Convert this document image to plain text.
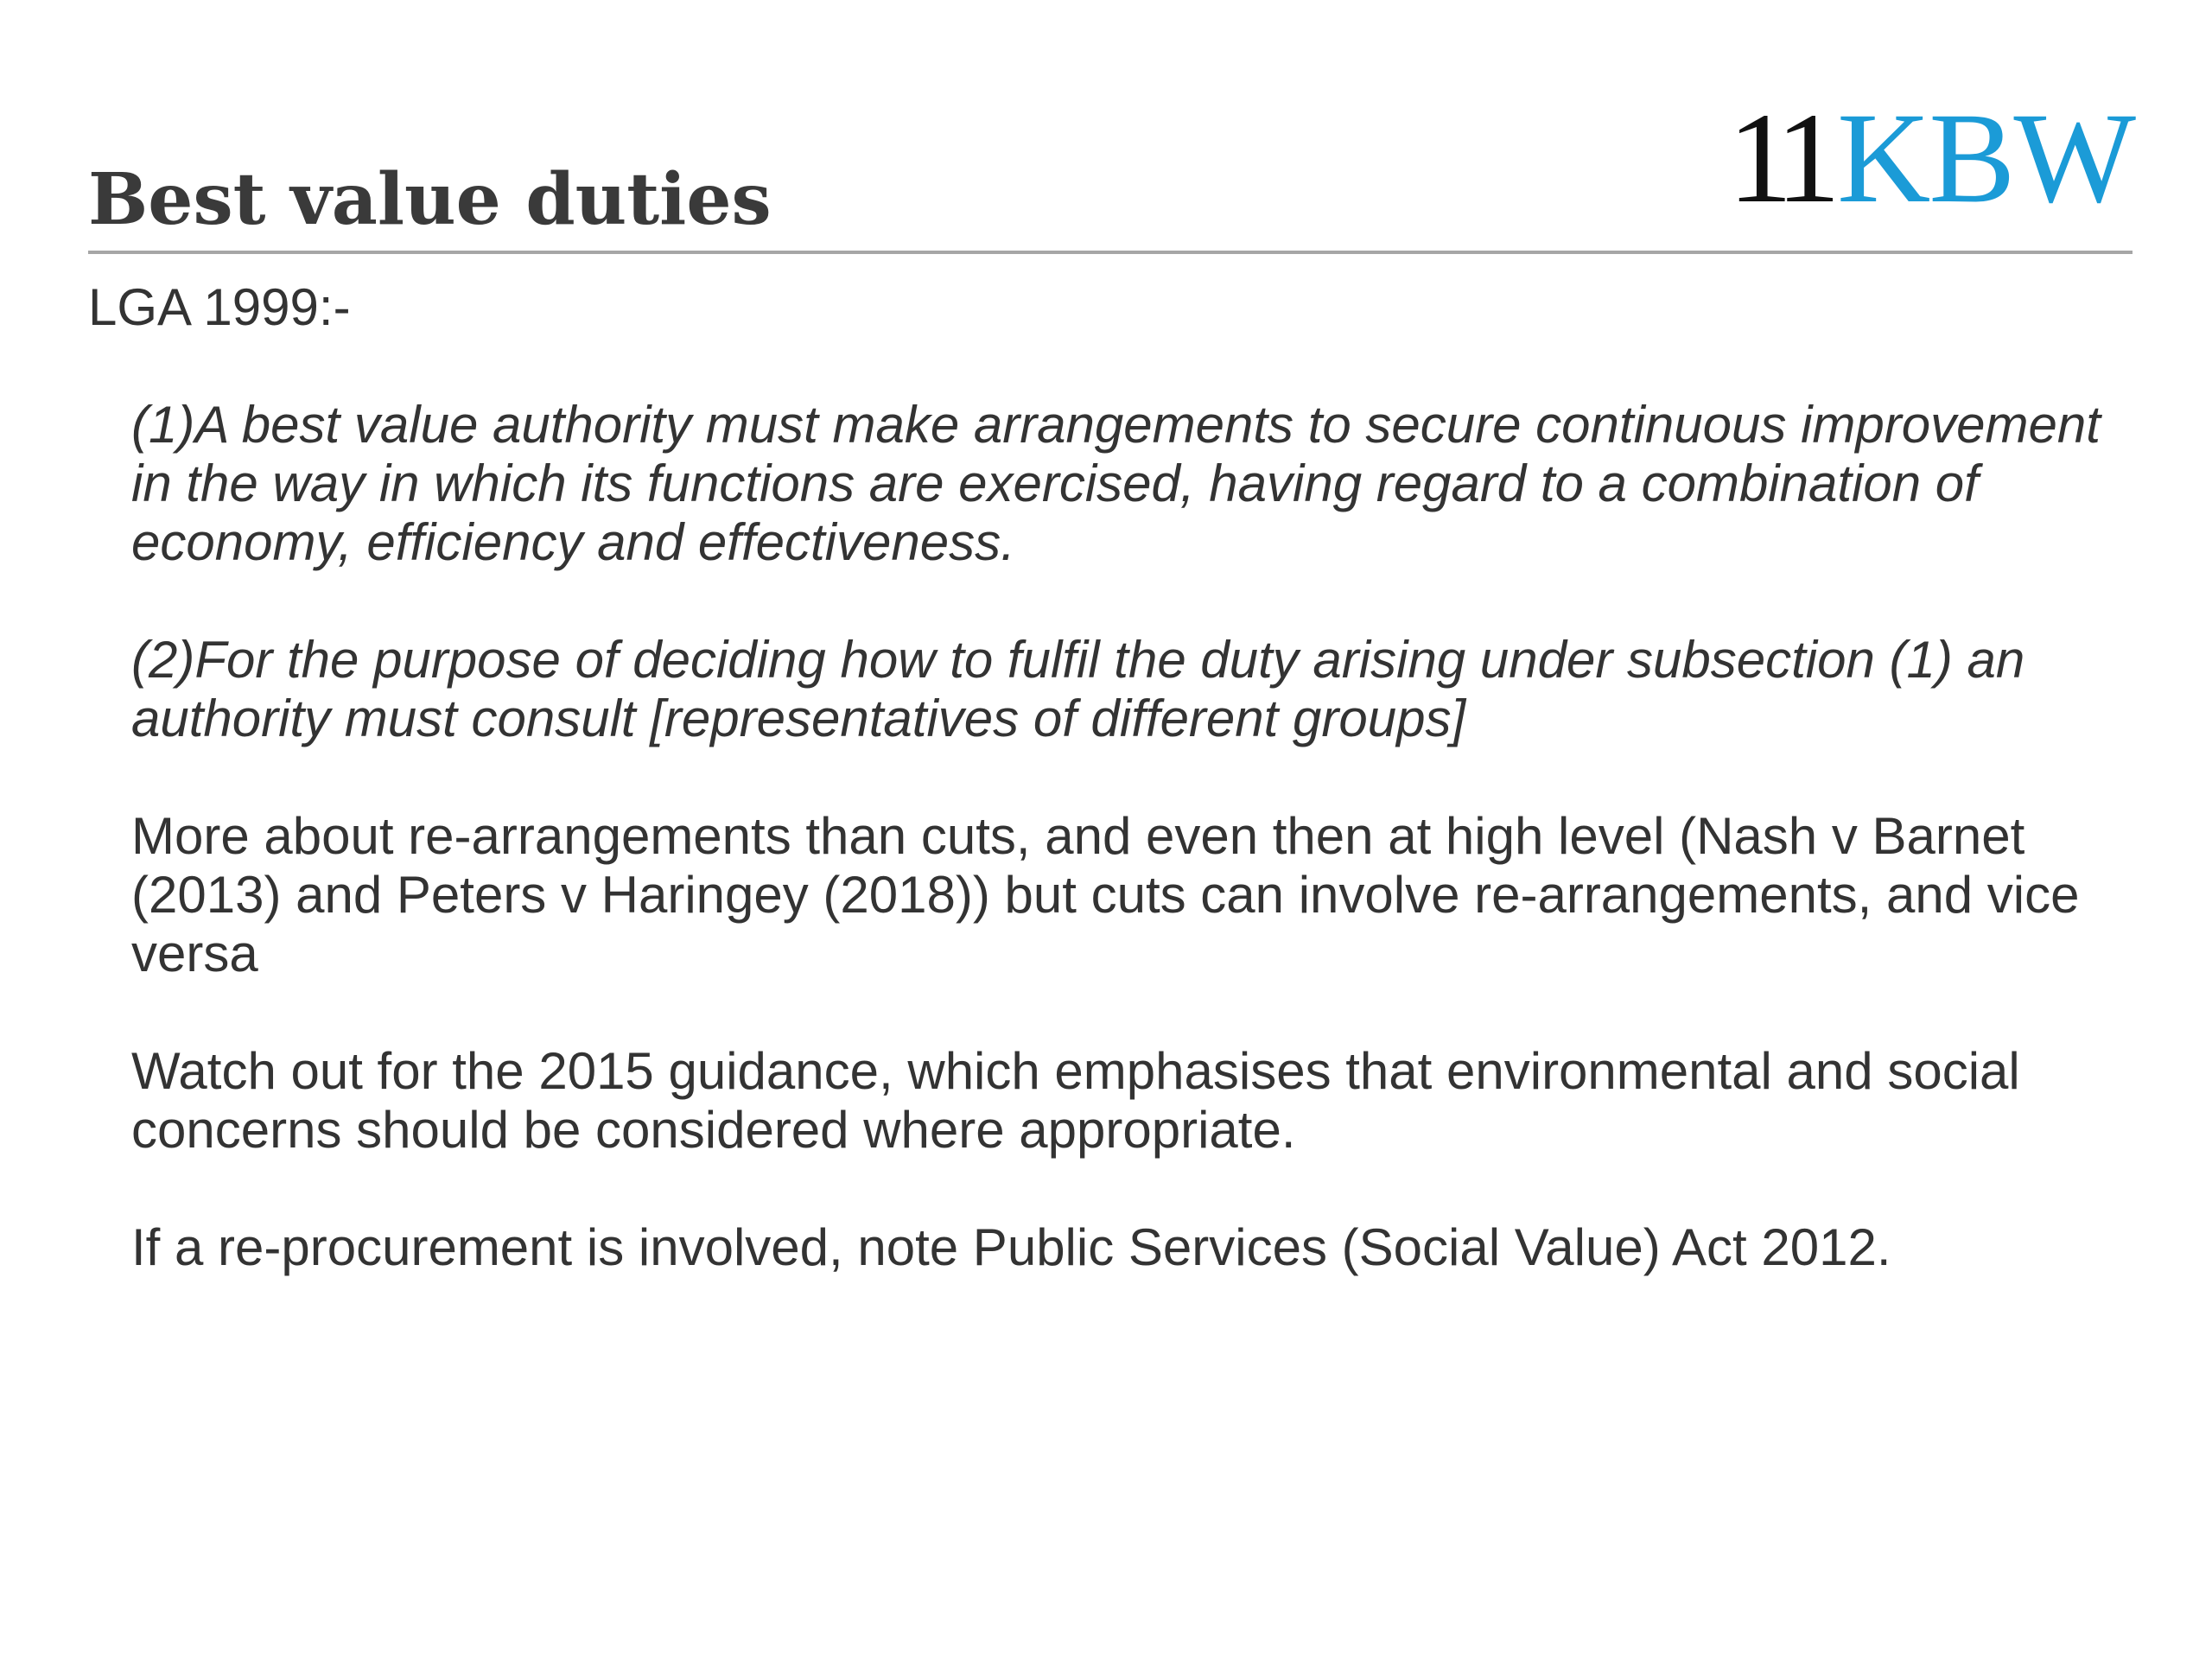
11KBW
Best value duties

LGA 1999:-

(1)A best value authority must make arrangements to secure continuous improvement in the way in which its functions are exercised, having regard to a combination of economy, efficiency and effectiveness.

(2)For the purpose of deciding how to fulfil the duty arising under subsection (1) an authority must consult [representatives of different groups]

More about re-arrangements than cuts, and even then at high level (Nash v Barnet (2013) and Peters v Haringey (2018)) but cuts can involve re-arrangements, and vice versa

Watch out for the 2015 guidance, which emphasises that environmental and social concerns should be considered where appropriate.

If a re-procurement is involved, note Public Services (Social Value) Act 2012.
